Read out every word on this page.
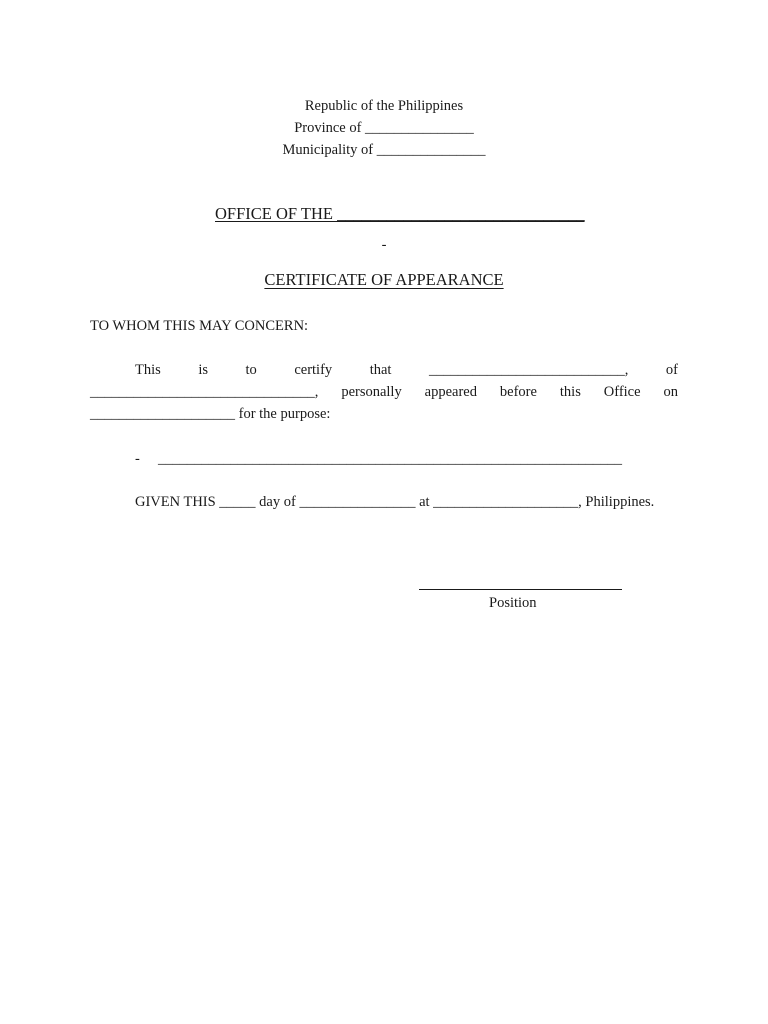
Republic of the Philippines
Province of _______________
Municipality of _______________
OFFICE OF THE ______________________________
-
CERTIFICATE OF APPEARANCE
TO WHOM THIS MAY CONCERN:
This	is	to	certify	that	___________________________,	of
_______________________________, personally appeared before this Office on
____________________ for the purpose:
- ________________________________________________________________
GIVEN THIS _____ day of ________________ at ____________________, Philippines.
Position
